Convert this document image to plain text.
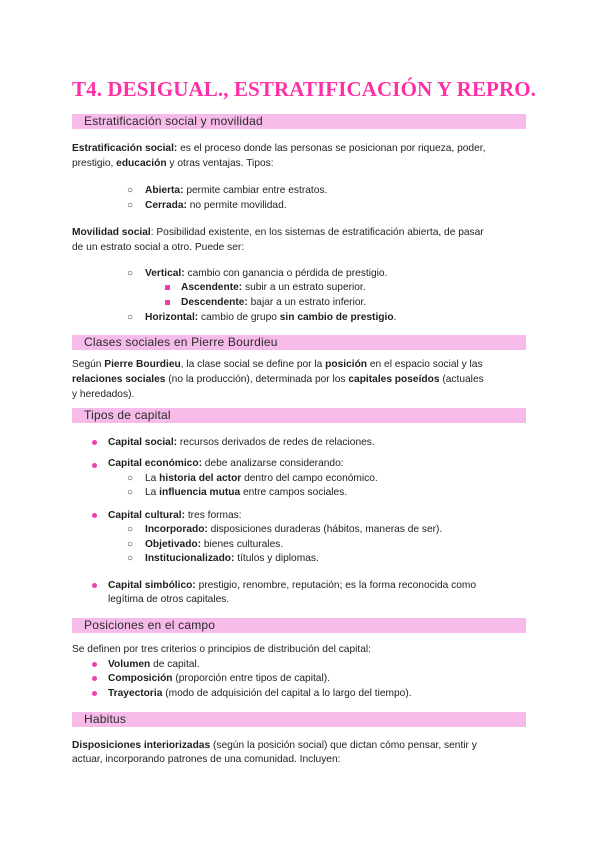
T4. DESIGUAL., ESTRATIFICACIÓN Y REPRO.
Estratificación social y movilidad
Estratificación social: es el proceso donde las personas se posicionan por riqueza, poder,
prestigio, educación y otras ventajas. Tipos:
○ Abierta: permite cambiar entre estratos.
○ Cerrada: no permite movilidad.
Movilidad social: Posibilidad existente, en los sistemas de estratificación abierta, de pasar
de un estrato social a otro. Puede ser:
○ Vertical: cambio con ganancia o pérdida de prestigio.
Ascendente: subir a un estrato superior.
Descendente: bajar a un estrato inferior.
○ Horizontal: cambio de grupo sin cambio de prestigio.
Clases sociales en Pierre Bourdieu
Según Pierre Bourdieu, la clase social se define por la posición en el espacio social y las
relaciones sociales (no la producción), determinada por los capitales poseídos (actuales
y heredados).
Tipos de capital
Capital social: recursos derivados de redes de relaciones.
Capital económico: debe analizarse considerando:
○ La historia del actor dentro del campo económico.
○ La influencia mutua entre campos sociales.
Capital cultural: tres formas:
○ Incorporado: disposiciones duraderas (hábitos, maneras de ser).
○ Objetivado: bienes culturales.
○ Institucionalizado: títulos y diplomas.
Capital simbólico: prestigio, renombre, reputación; es la forma reconocida como
legítima de otros capitales.
Posiciones en el campo
Se definen por tres criterios o principios de distribución del capital:
Volumen de capital.
Composición (proporción entre tipos de capital).
Trayectoria (modo de adquisición del capital a lo largo del tiempo).
Habitus
Disposiciones interiorizadas (según la posición social) que dictan cómo pensar, sentir y
actuar, incorporando patrones de una comunidad. Incluyen:
